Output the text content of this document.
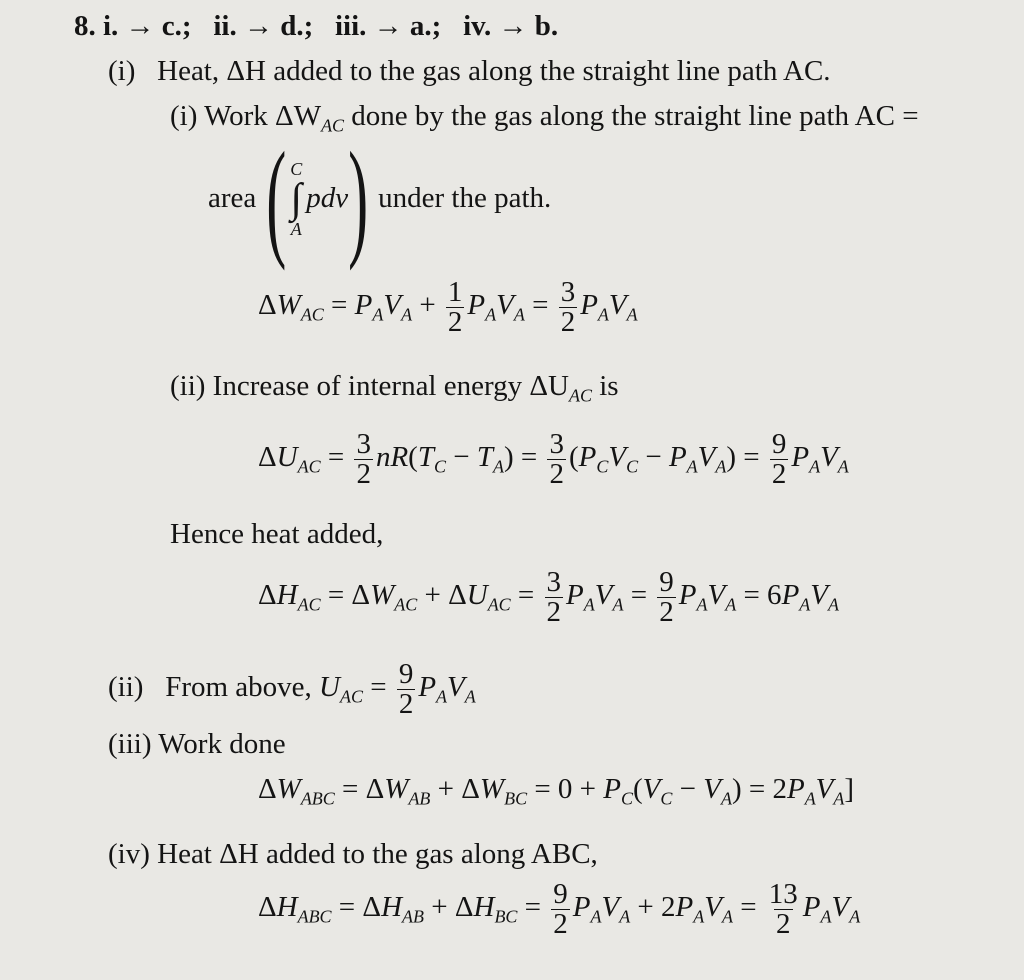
8. i. → c.;   ii. → d.;   iii. → a.;   iv. → b.
(i) Heat, ΔH added to the gas along the straight line path AC.
(i) Work $\Delta W_{AC}$ done by the gas along the straight line path AC =
area ( C
∫
A
pdv ) under the path.
$\Delta W_{AC} = P_AV_A + \frac{1}{2} P_AV_A = \frac{3}{2} P_AV_A$
(ii) Increase of internal energy $\Delta U_{AC}$ is
$\Delta U_{AC} = \frac{3}{2} nR(T_C - T_A) = \frac{3}{2} (P_CV_C - P_AV_A) = \frac{9}{2} P_AV_A$
Hence heat added,
$\Delta H_{AC} = \Delta W_{AC} + \Delta U_{AC} = \frac{3}{2} P_AV_A = \frac{9}{2} P_AV_A = 6P_AV_A$
(ii) From above, $U_{AC} = \frac{9}{2} P_AV_A$
(iii) Work done
$\Delta W_{ABC} = \Delta W_{AB} + \Delta W_{BC} = 0 + P_C(V_C - V_A) = 2P_AV_A$]
(iv) Heat ΔH added to the gas along ABC,
$\Delta H_{ABC} = \Delta H_{AB} + \Delta H_{BC} = \frac{9}{2} P_AV_A + 2P_AV_A = \frac{13}{2} P_AV_A$
